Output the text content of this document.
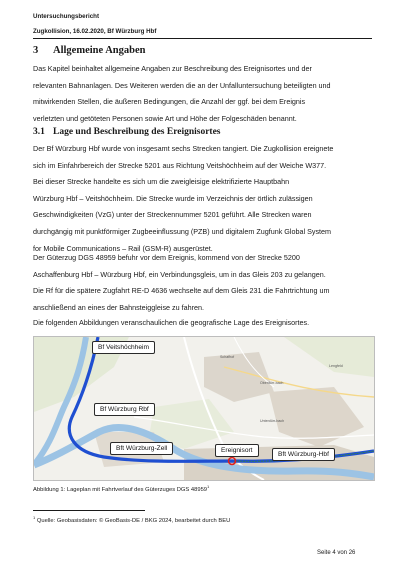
Untersuchungsbericht
Zugkollision, 16.02.2020, Bf Würzburg Hbf
3 Allgemeine Angaben
Das Kapitel beinhaltet allgemeine Angaben zur Beschreibung des Ereignisortes und der
relevanten Bahnanlagen. Des Weiteren werden die an der Unfalluntersuchung beteiligten und
mitwirkenden Stellen, die äußeren Bedingungen, die Anzahl der ggf. bei dem Ereignis
verletzten und getöteten Personen sowie Art und Höhe der Folgeschäden benannt.
3.1 Lage und Beschreibung des Ereignisortes
Der Bf Würzburg Hbf wurde von insgesamt sechs Strecken tangiert. Die Zugkollision ereignete
sich im Einfahrbereich der Strecke 5201 aus Richtung Veitshöchheim auf der Weiche W377.
Bei dieser Strecke handelte es sich um die zweigleisige elektrifizierte Hauptbahn
Würzburg Hbf – Veitshöchheim. Die Strecke wurde im Verzeichnis der örtlich zulässigen
Geschwindigkeiten (VzG) unter der Streckennummer 5201 geführt. Alle Strecken waren
durchgängig mit punktförmiger Zugbeeinflussung (PZB) und digitalem Zugfunk Global System
for Mobile Communications – Rail (GSM-R) ausgerüstet.
Der Güterzug DGS 48959 befuhr vor dem Ereignis, kommend von der Strecke 5200
Aschaffenburg Hbf – Würzburg Hbf, ein Verbindungsgleis, um in das Gleis 203 zu gelangen.
Die Rf für die spätere Zugfahrt RE-D 4636 wechselte auf dem Gleis 231 die Fahrtrichtung um
anschließend an eines der Bahnsteiggleise zu fahren.
Die folgenden Abbildungen veranschaulichen die geografische Lage des Ereignisortes.
Schafhof
Oberdürr-bach
Unterdürr-bach
Lengfeld
Bf Veitshöchheim
Bf Würzburg Rbf
Bft Würzburg-Zell	Ereignisort
Bft Würzburg-Hbf
Abbildung 1: Lageplan mit Fahrtverlauf des Güterzuges DGS 48959$^1$
$^1$ Quelle: Geobasisdaten: © GeoBasis-DE / BKG 2024, bearbeitet durch BEU
Seite 4 von 26
